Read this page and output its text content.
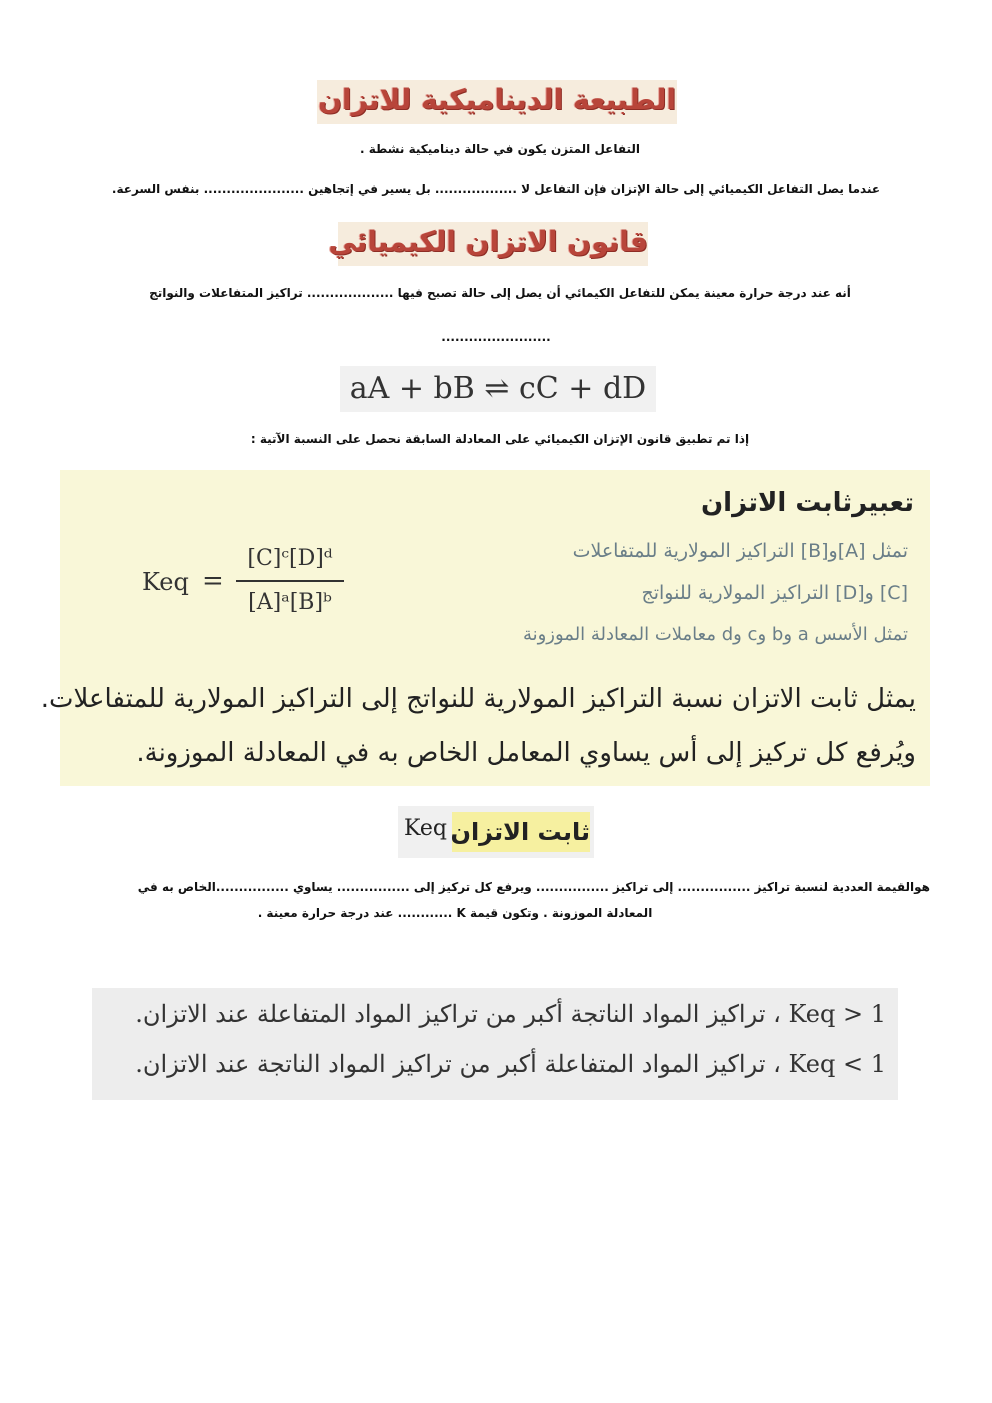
الطبيعة الديناميكية للاتزان
التفاعل المتزن يكون في حالة ديناميكية نشطة .
عندما يصل التفاعل الكيميائي إلى حالة الإتزان فإن التفاعل لا .................. بل يسير في إتجاهين ...................... بنفس السرعة.
قانون الاتزان الكيميائي
أنه عند درجة حرارة معينة يمكن للتفاعل الكيمائي أن يصل إلى حالة تصبح فيها ................... تراكيز المتفاعلات والنواتج
........................
aA + bB ⇌ cC + dD
إذا تم تطبيق قانون الإتزان الكيميائي على المعادلة السابقة نحصل على النسبة الآتية :
تعبيرثابت الاتزان
تمثل [A]و[B] التراكيز المولارية للمتفاعلات
[C] و[D] التراكيز المولارية للنواتج
تمثل الأسس a وb وc وd معاملات المعادلة الموزونة
Keq =
[C]ᶜ[D]ᵈ
[A]ᵃ[B]ᵇ
يمثل ثابت الاتزان نسبة التراكيز المولارية للنواتج إلى التراكيز المولارية للمتفاعلات.
ويُرفع كل تركيز إلى أس يساوي المعامل الخاص به في المعادلة الموزونة.
Keq ثابت الاتزان
هوالقيمة العددية لنسبة تراكيز ................ إلى تراكيز ................ ويرفع كل تركيز إلى ................ يساوي ................الخاص به في
المعادلة الموزونة . وتكون قيمة K ............ عند درجة حرارة معينة .
Keq > 1 ، تراكيز المواد الناتجة أكبر من تراكيز المواد المتفاعلة عند الاتزان.
Keq < 1 ، تراكيز المواد المتفاعلة أكبر من تراكيز المواد الناتجة عند الاتزان.
